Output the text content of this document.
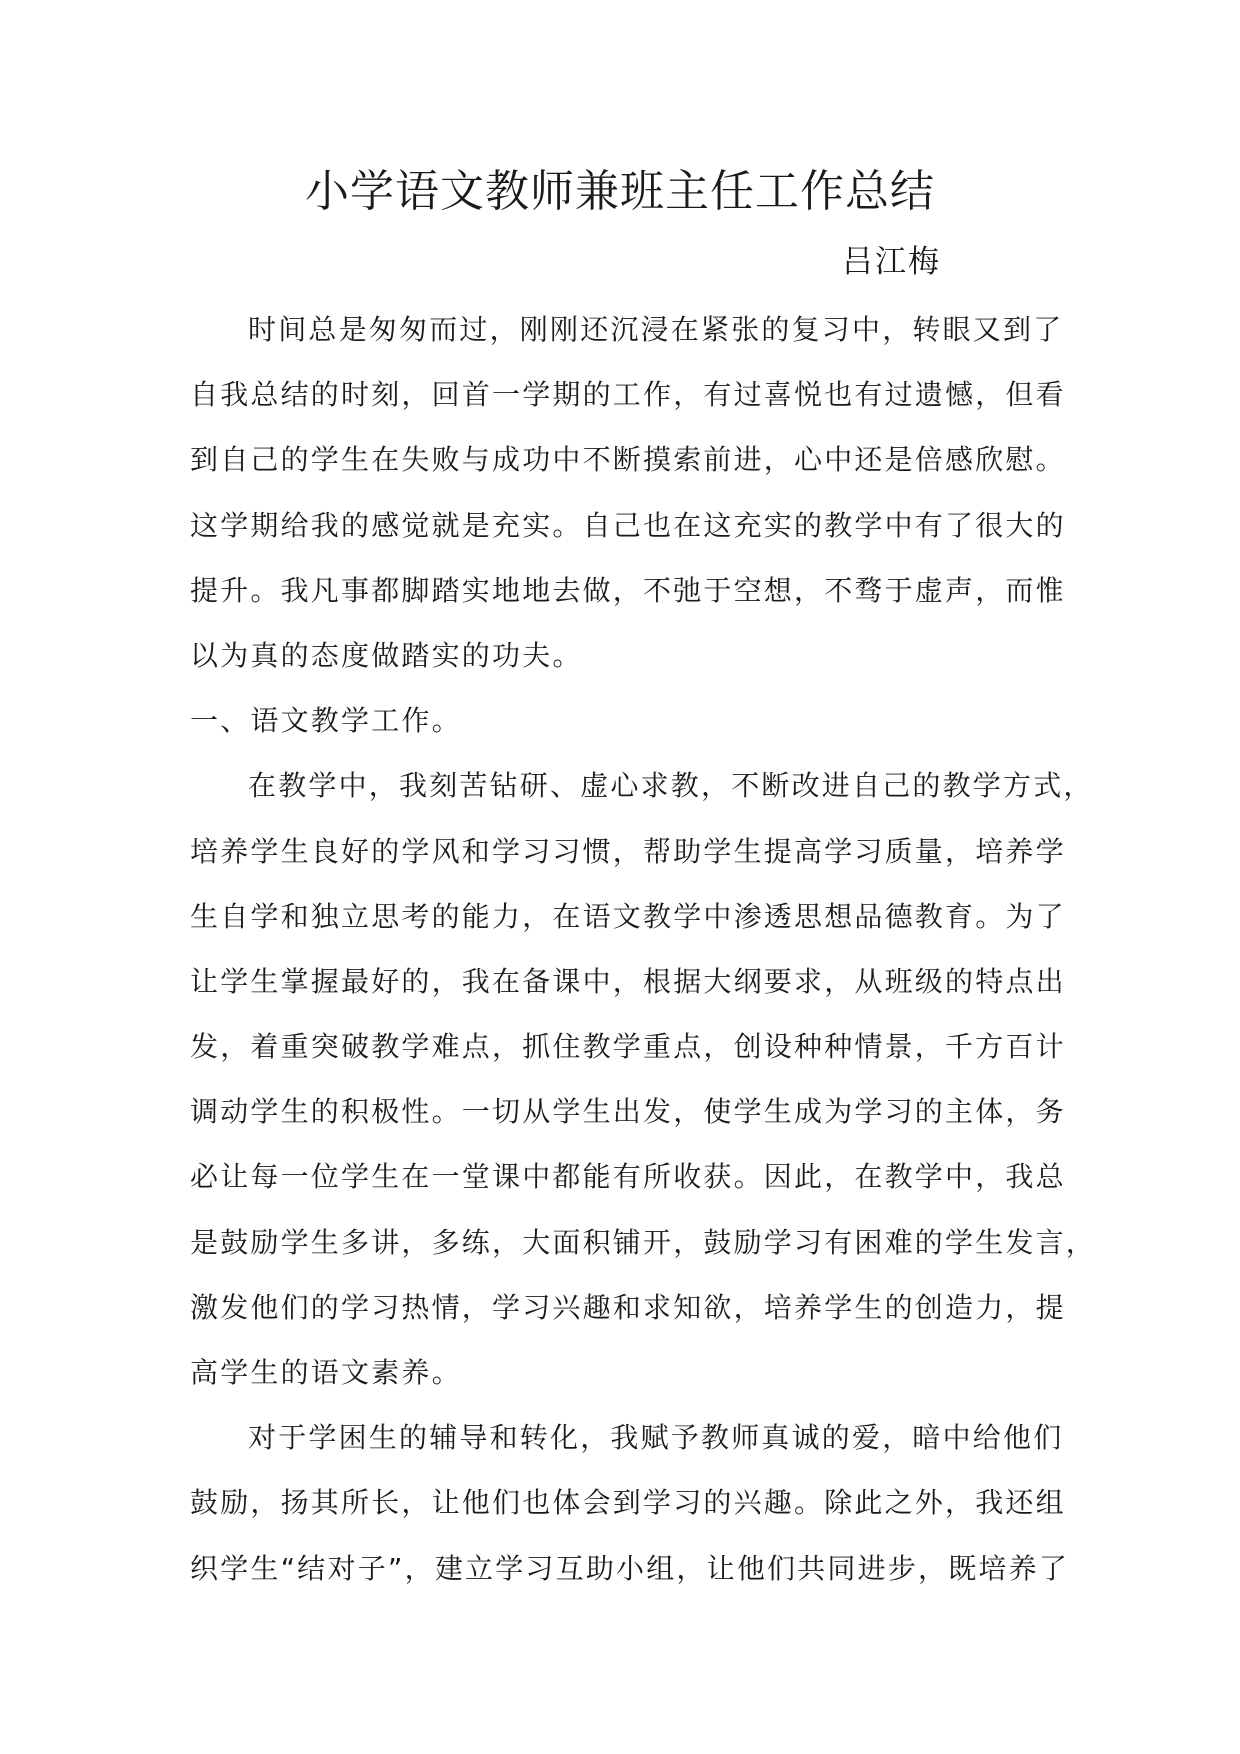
小学语文教师兼班主任工作总结
吕江梅
时间总是匆匆而过，刚刚还沉浸在紧张的复习中，转眼又到了
自我总结的时刻，回首一学期的工作，有过喜悦也有过遗憾，但看
到自己的学生在失败与成功中不断摸索前进，心中还是倍感欣慰。
这学期给我的感觉就是充实。自己也在这充实的教学中有了很大的
提升。我凡事都脚踏实地地去做，不弛于空想，不骛于虚声，而惟
以为真的态度做踏实的功夫。
一、语文教学工作。
在教学中，我刻苦钻研、虚心求教，不断改进自己的教学方式，
培养学生良好的学风和学习习惯，帮助学生提高学习质量，培养学
生自学和独立思考的能力，在语文教学中渗透思想品德教育。为了
让学生掌握最好的，我在备课中，根据大纲要求，从班级的特点出
发，着重突破教学难点，抓住教学重点，创设种种情景，千方百计
调动学生的积极性。一切从学生出发，使学生成为学习的主体，务
必让每一位学生在一堂课中都能有所收获。因此，在教学中，我总
是鼓励学生多讲，多练，大面积铺开，鼓励学习有困难的学生发言，
激发他们的学习热情，学习兴趣和求知欲，培养学生的创造力，提
高学生的语文素养。
对于学困生的辅导和转化，我赋予教师真诚的爱，暗中给他们
鼓励，扬其所长，让他们也体会到学习的兴趣。除此之外，我还组
织学生“结对子”，建立学习互助小组，让他们共同进步，既培养了
